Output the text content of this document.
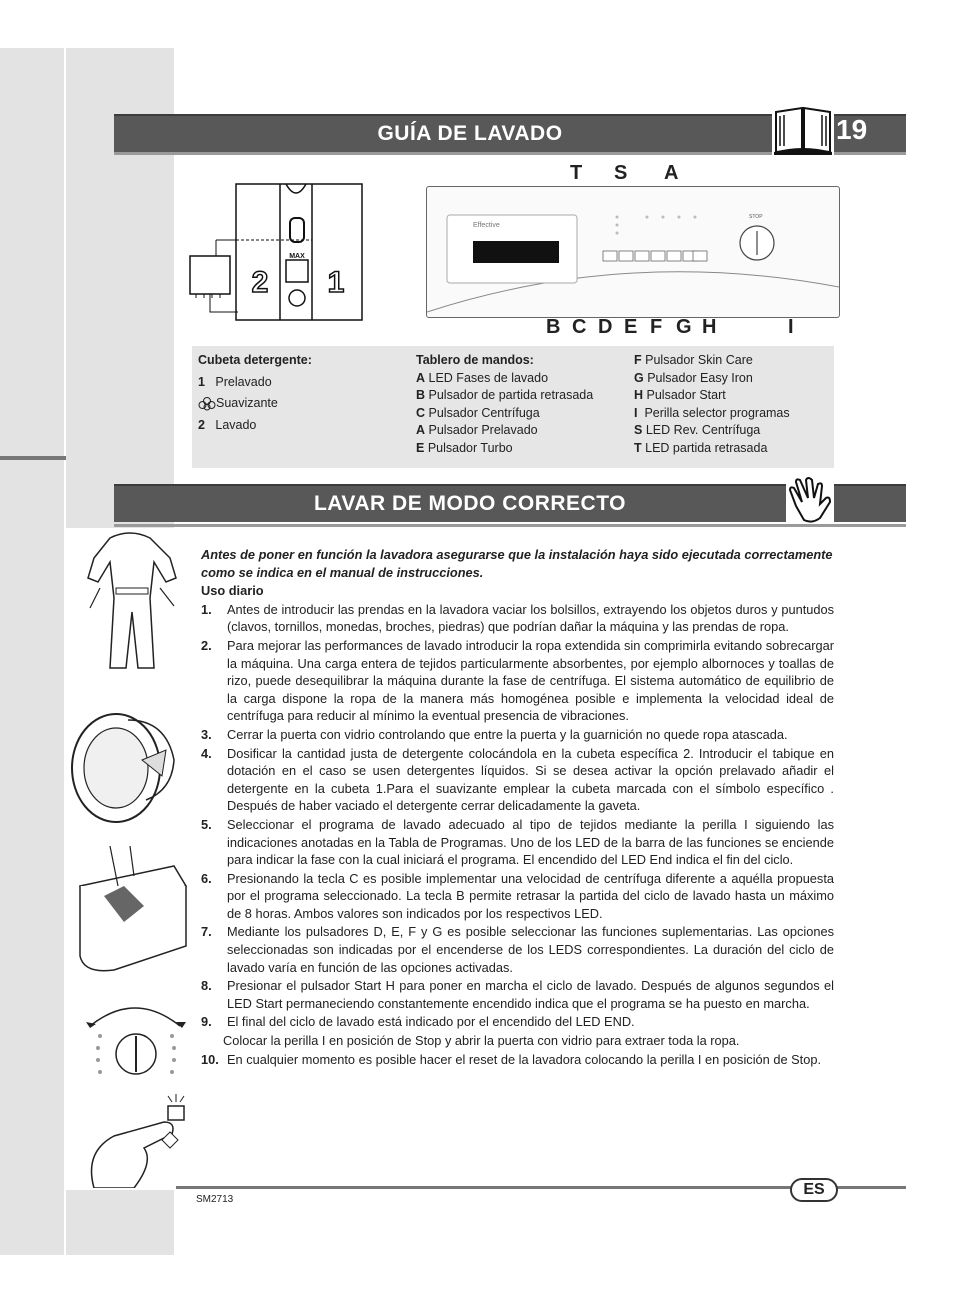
GUÍA DE LAVADO	19
2 1
MAX
Effective
STOP
T S A
B C D E F G H	I
Cubeta detergente:
1 Prelavado
Suavizante
2 Lavado
Tablero de mandos:
A LED Fases de lavado
B Pulsador de partida retrasada
C Pulsador Centrífuga
A Pulsador Prelavado
E Pulsador Turbo
F Pulsador Skin Care
G Pulsador Easy Iron
H Pulsador Start
I Perilla selector programas
S LED Rev. Centrífuga
T LED partida retrasada
LAVAR DE MODO CORRECTO
Antes de poner en función la lavadora asegurarse que la instalación haya sido ejecutada correctamente como se indica en el manual de instrucciones.
Uso diario
1. Antes de introducir las prendas en la lavadora vaciar los bolsillos, extrayendo los objetos duros y puntudos (clavos, tornillos, monedas, broches, piedras) que podrían dañar la máquina y las prendas de ropa.
2. Para mejorar las performances de lavado introducir la ropa extendida sin comprimirla evitando sobrecargar la máquina. Una carga entera de tejidos particularmente absorbentes, por ejemplo albornoces y toallas de rizo, puede desequilibrar la máquina durante la fase de centrífuga. El sistema automático de equilibrio de la carga dispone la ropa de la manera más homogénea posible e implementa la velocidad ideal de centrífuga para reducir al mínimo la eventual presencia de vibraciones.
3. Cerrar la puerta con vidrio controlando que entre la puerta y la guarnición no quede ropa atascada.
4. Dosificar la cantidad justa de detergente colocándola en la cubeta específica 2. Introducir el tabique en dotación en el caso se usen detergentes líquidos. Si se desea activar la opción prelavado añadir el detergente en la cubeta 1.Para el suavizante emplear la cubeta marcada con el símbolo específico . Después de haber vaciado el detergente cerrar delicadamente la gaveta.
5. Seleccionar el programa de lavado adecuado al tipo de tejidos mediante la perilla I siguiendo las indicaciones anotadas en la Tabla de Programas. Uno de los LED de la barra de las funciones se enciende para indicar la fase con la cual iniciará el programa. El encendido del LED End indica el fin del ciclo.
6. Presionando la tecla C es posible implementar una velocidad de centrífuga diferente a aquélla propuesta por el programa seleccionado. La tecla B permite retrasar la partida del ciclo de lavado hasta un máximo de 8 horas. Ambos valores son indicados por los respectivos LED.
7. Mediante los pulsadores D, E, F y G es posible seleccionar las funciones suplementarias. Las opciones seleccionadas son indicadas por el encenderse de los LEDS correspondientes. La duración del ciclo de lavado varía en función de las opciones activadas.
8. Presionar el pulsador Start H para poner en marcha el ciclo de lavado. Después de algunos segundos el LED Start permaneciendo constantemente encendido indica que el programa se ha puesto en marcha.
9. El final del ciclo de lavado está indicado por el encendido del LED END.
Colocar la perilla I en posición de Stop y abrir la puerta con vidrio para extraer toda la ropa.
10. En cualquier momento es posible hacer el reset de la lavadora colocando la perilla I en posición de Stop.
ES
SM2713
